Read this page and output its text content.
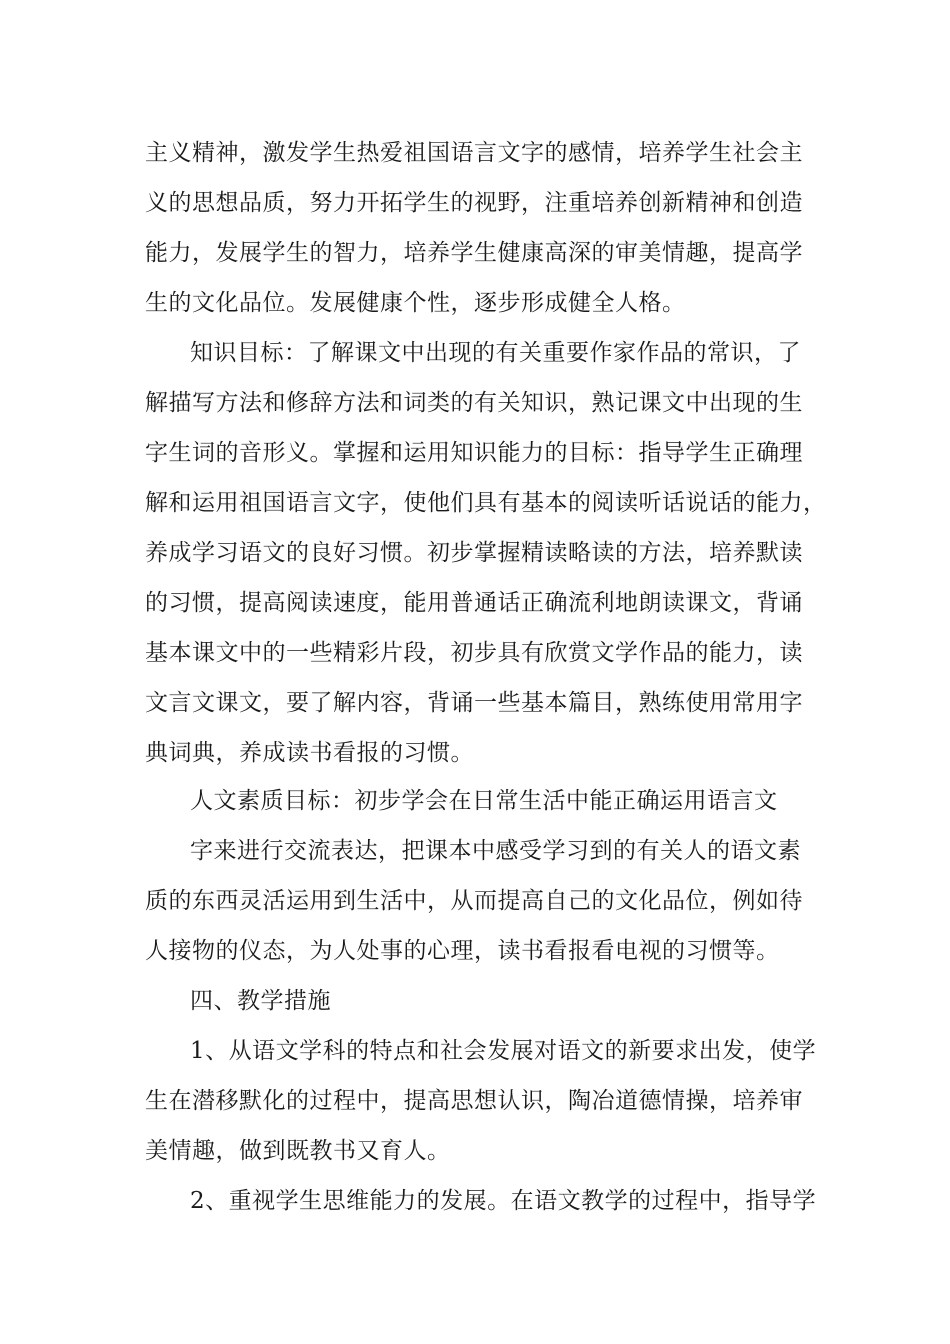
主义精神，激发学生热爱祖国语言文字的感情，培养学生社会主
义的思想品质，努力开拓学生的视野，注重培养创新精神和创造
能力，发展学生的智力，培养学生健康高深的审美情趣，提高学
生的文化品位。发展健康个性，逐步形成健全人格。
知识目标：了解课文中出现的有关重要作家作品的常识，了
解描写方法和修辞方法和词类的有关知识，熟记课文中出现的生
字生词的音形义。掌握和运用知识能力的目标：指导学生正确理
解和运用祖国语言文字，使他们具有基本的阅读听话说话的能力，
养成学习语文的良好习惯。初步掌握精读略读的方法，培养默读
的习惯，提高阅读速度，能用普通话正确流利地朗读课文，背诵
基本课文中的一些精彩片段，初步具有欣赏文学作品的能力，读
文言文课文，要了解内容，背诵一些基本篇目，熟练使用常用字
典词典，养成读书看报的习惯。
人文素质目标：初步学会在日常生活中能正确运用语言文
字来进行交流表达，把课本中感受学习到的有关人的语文素
质的东西灵活运用到生活中，从而提高自己的文化品位，例如待
人接物的仪态，为人处事的心理，读书看报看电视的习惯等。
四、教学措施
1、从语文学科的特点和社会发展对语文的新要求出发，使学
生在潜移默化的过程中，提高思想认识，陶冶道德情操，培养审
美情趣，做到既教书又育人。
2、重视学生思维能力的发展。在语文教学的过程中，指导学
